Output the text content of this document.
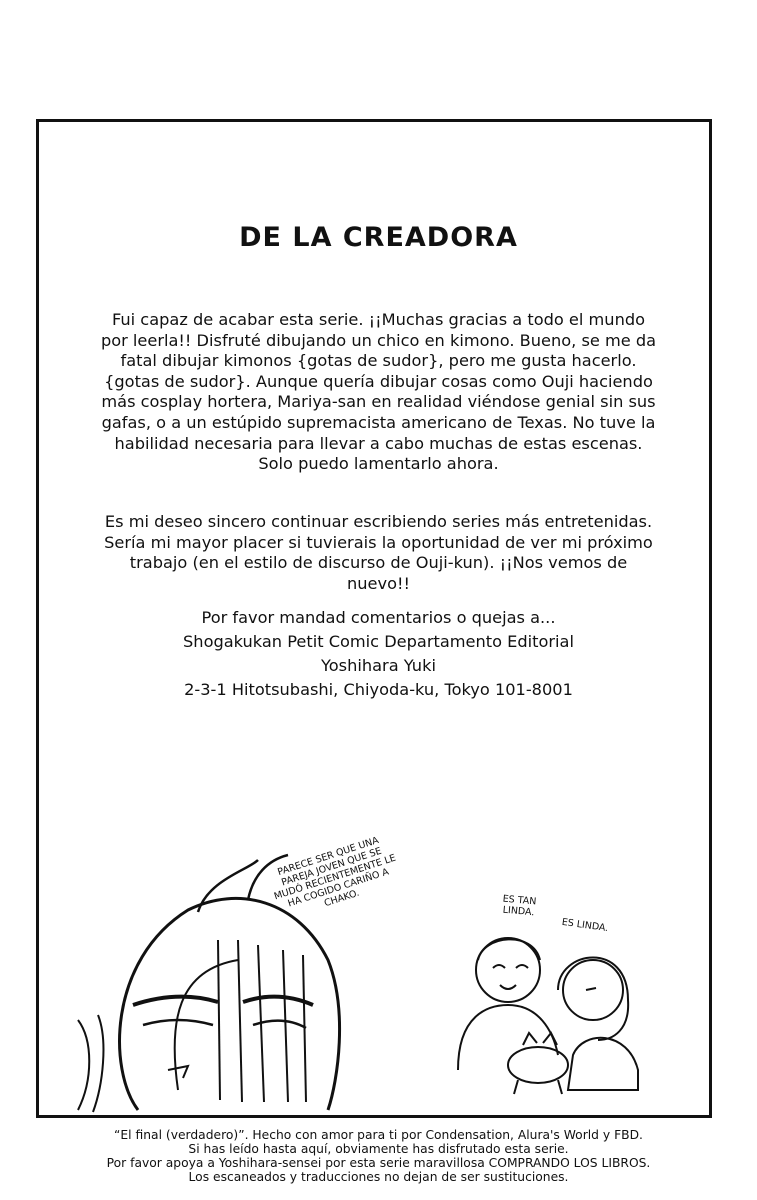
DE LA CREADORA

Fui capaz de acabar esta serie. ¡¡Muchas gracias a todo el mundo por leerla!! Disfruté dibujando un chico en kimono. Bueno, se me da fatal dibujar kimonos {gotas de sudor}, pero me gusta hacerlo. {gotas de sudor}. Aunque quería dibujar cosas como Ouji haciendo más cosplay hortera, Mariya-san en realidad viéndose genial sin sus gafas, o a un estúpido supremacista americano de Texas. No tuve la habilidad necesaria para llevar a cabo muchas de estas escenas. Solo puedo lamentarlo ahora.

Es mi deseo sincero continuar escribiendo series más entretenidas. Sería mi mayor placer si tuvierais la oportunidad de ver mi próximo trabajo (en el estilo de discurso de Ouji-kun). ¡¡Nos vemos de nuevo!!

Por favor mandad comentarios o quejas a...
Shogakukan Petit Comic Departamento Editorial
Yoshihara Yuki
2-3-1 Hitotsubashi, Chiyoda-ku, Tokyo 101-8001
PARECE SER QUE UNA PAREJA JOVEN QUE SE MUDÓ RECIENTEMENTE LE HA COGIDO CARIÑO A CHAKO.	ES TAN LINDA.
ES LINDA.
“El final (verdadero)”. Hecho con amor para ti por Condensation, Alura's World y FBD.
Si has leído hasta aquí, obviamente has disfrutado esta serie.
Por favor apoya a Yoshihara-sensei por esta serie maravillosa COMPRANDO LOS LIBROS.
Los escaneados y traducciones no dejan de ser sustituciones.
